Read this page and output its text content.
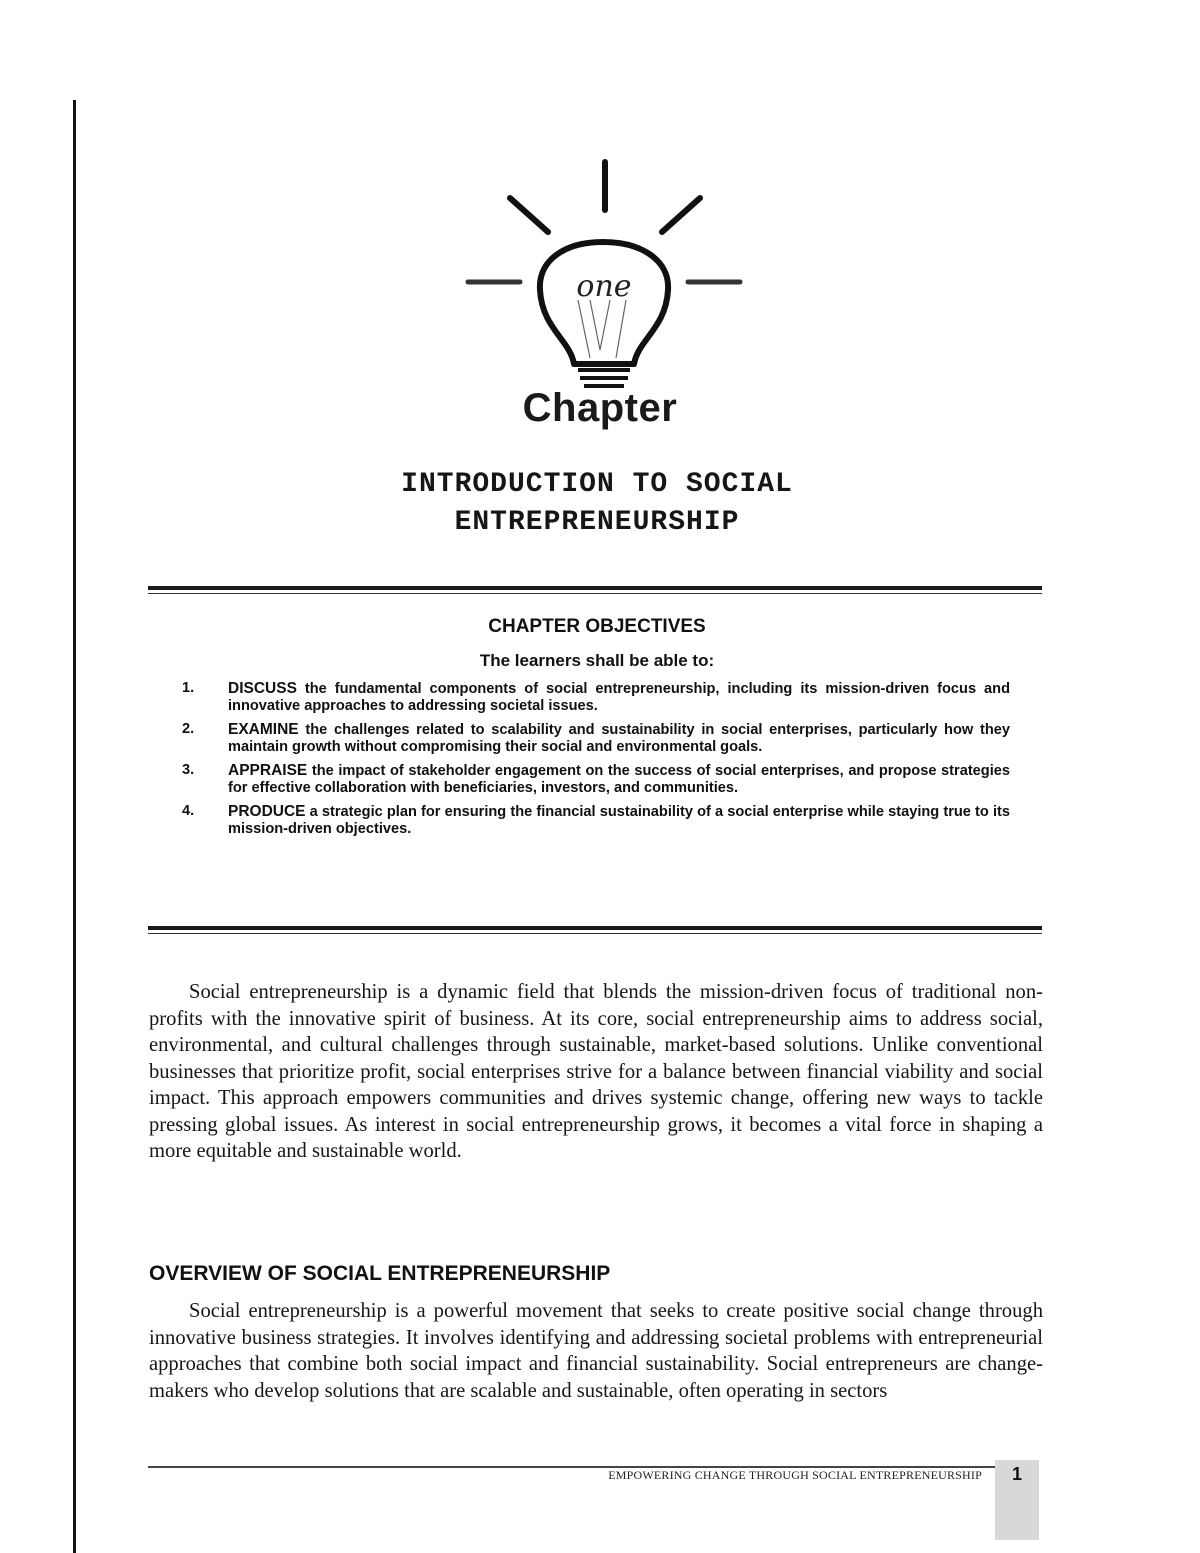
one
Chapter
INTRODUCTION TO SOCIAL
ENTREPRENEURSHIP
CHAPTER OBJECTIVES

The learners shall be able to:

1. DISCUSS the fundamental components of social entrepreneurship, including its mission-driven focus and innovative approaches to addressing societal issues.
2. EXAMINE the challenges related to scalability and sustainability in social enterprises, particularly how they maintain growth without compromising their social and environmental goals.
3. APPRAISE the impact of stakeholder engagement on the success of social enterprises, and propose strategies for effective collaboration with beneficiaries, investors, and communities.
4. PRODUCE a strategic plan for ensuring the financial sustainability of a social enterprise while staying true to its mission-driven objectives.

Social entrepreneurship is a dynamic field that blends the mission-driven focus of traditional non-profits with the innovative spirit of business. At its core, social entrepreneurship aims to address social, environmental, and cultural challenges through sustainable, market-based solutions. Unlike conventional businesses that prioritize profit, social enterprises strive for a balance between financial viability and social impact. This approach empowers communities and drives systemic change, offering new ways to tackle pressing global issues. As interest in social entrepreneurship grows, it becomes a vital force in shaping a more equitable and sustainable world.

OVERVIEW OF SOCIAL ENTREPRENEURSHIP

Social entrepreneurship is a powerful movement that seeks to create positive social change through innovative business strategies. It involves identifying and addressing societal problems with entrepreneurial approaches that combine both social impact and financial sustainability. Social entrepreneurs are change-makers who develop solutions that are scalable and sustainable, often operating in sectors

EMPOWERING CHANGE THROUGH SOCIAL ENTREPRENEURSHIP	1
